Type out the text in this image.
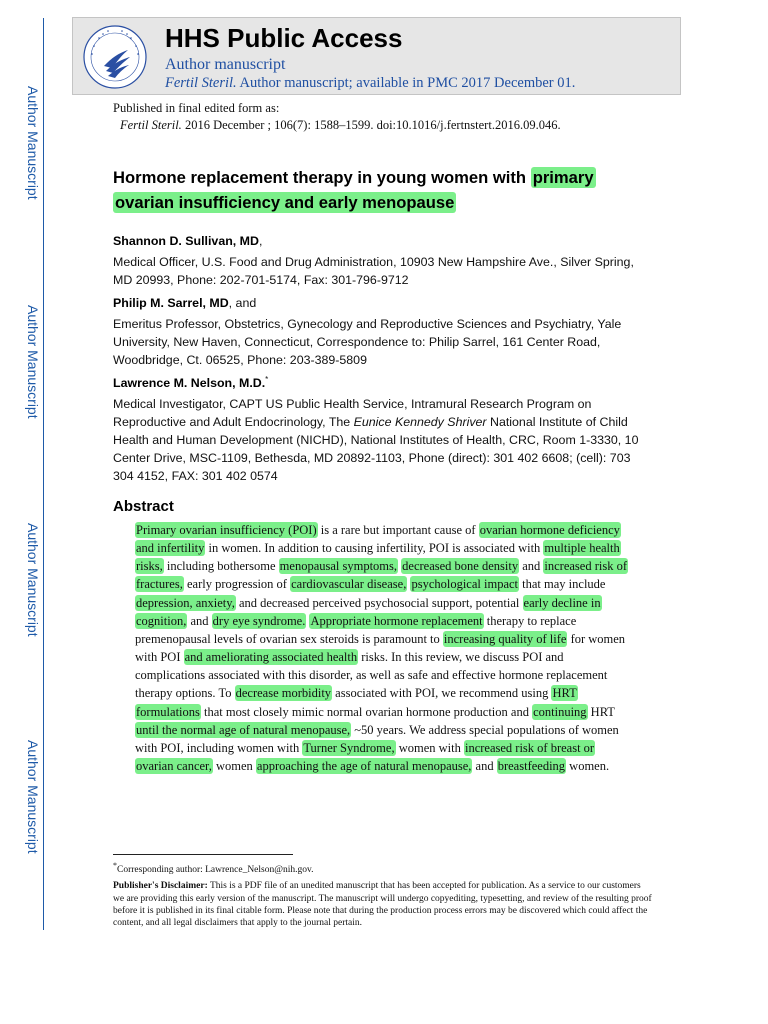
Author Manuscript
Author Manuscript
Author Manuscript
Author Manuscript
HHS Public Access
Author manuscript
Fertil Steril. Author manuscript; available in PMC 2017 December 01.
Published in final edited form as:
Fertil Steril. 2016 December ; 106(7): 1588–1599. doi:10.1016/j.fertnstert.2016.09.046.
Hormone replacement therapy in young women with primary ovarian insufficiency and early menopause
Shannon D. Sullivan, MD,
Medical Officer, U.S. Food and Drug Administration, 10903 New Hampshire Ave., Silver Spring, MD 20993, Phone: 202-701-5174, Fax: 301-796-9712
Philip M. Sarrel, MD, and
Emeritus Professor, Obstetrics, Gynecology and Reproductive Sciences and Psychiatry, Yale University, New Haven, Connecticut, Correspondence to: Philip Sarrel, 161 Center Road, Woodbridge, Ct. 06525, Phone: 203-389-5809
Lawrence M. Nelson, M.D.*
Medical Investigator, CAPT US Public Health Service, Intramural Research Program on Reproductive and Adult Endocrinology, The Eunice Kennedy Shriver National Institute of Child Health and Human Development (NICHD), National Institutes of Health, CRC, Room 1-3330, 10 Center Drive, MSC-1109, Bethesda, MD 20892-1103, Phone (direct): 301 402 6608; (cell): 703 304 4152, FAX: 301 402 0574
Abstract
Primary ovarian insufficiency (POI) is a rare but important cause of ovarian hormone deficiency and infertility in women. In addition to causing infertility, POI is associated with multiple health risks, including bothersome menopausal symptoms, decreased bone density and increased risk of fractures, early progression of cardiovascular disease, psychological impact that may include depression, anxiety, and decreased perceived psychosocial support, potential early decline in cognition, and dry eye syndrome. Appropriate hormone replacement therapy to replace premenopausal levels of ovarian sex steroids is paramount to increasing quality of life for women with POI and ameliorating associated health risks. In this review, we discuss POI and complications associated with this disorder, as well as safe and effective hormone replacement therapy options. To decrease morbidity associated with POI, we recommend using HRT formulations that most closely mimic normal ovarian hormone production and continuing HRT until the normal age of natural menopause, ~50 years. We address special populations of women with POI, including women with Turner Syndrome, women with increased risk of breast or ovarian cancer, women approaching the age of natural menopause, and breastfeeding women.
*Corresponding author: Lawrence_Nelson@nih.gov.
Publisher's Disclaimer: This is a PDF file of an unedited manuscript that has been accepted for publication. As a service to our customers we are providing this early version of the manuscript. The manuscript will undergo copyediting, typesetting, and review of the resulting proof before it is published in its final citable form. Please note that during the production process errors may be discovered which could affect the content, and all legal disclaimers that apply to the journal pertain.
